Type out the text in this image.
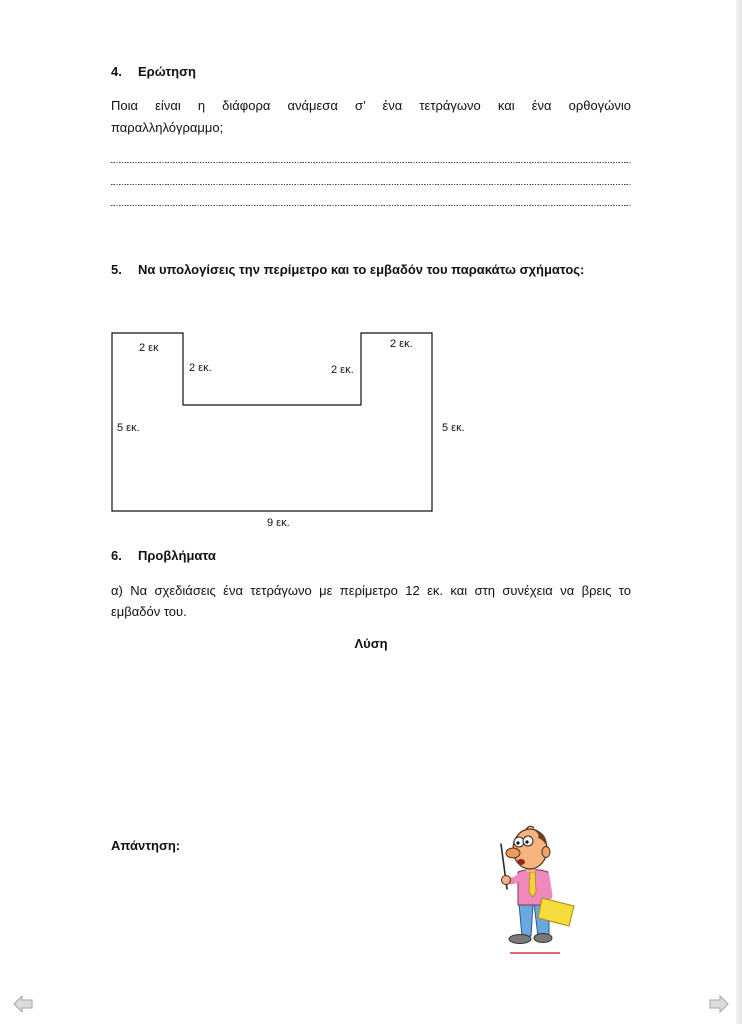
4. Ερώτηση
Ποια είναι η διάφορα ανάμεσα σ’ ένα τετράγωνο και ένα ορθογώνιο
παραλληλόγραμμο;
5. Να υπολογίσεις την περίμετρο και το εμβαδόν του παρακάτω σχήματος:
2 εκ
2 εκ.	2 εκ.
2 εκ.
5 εκ.	5 εκ.
9 εκ.
6. Προβλήματα
α) Να σχεδιάσεις ένα τετράγωνο με περίμετρο 12 εκ. και στη συνέχεια να βρεις το
εμβαδόν του.
Λύση
Απάντηση:
